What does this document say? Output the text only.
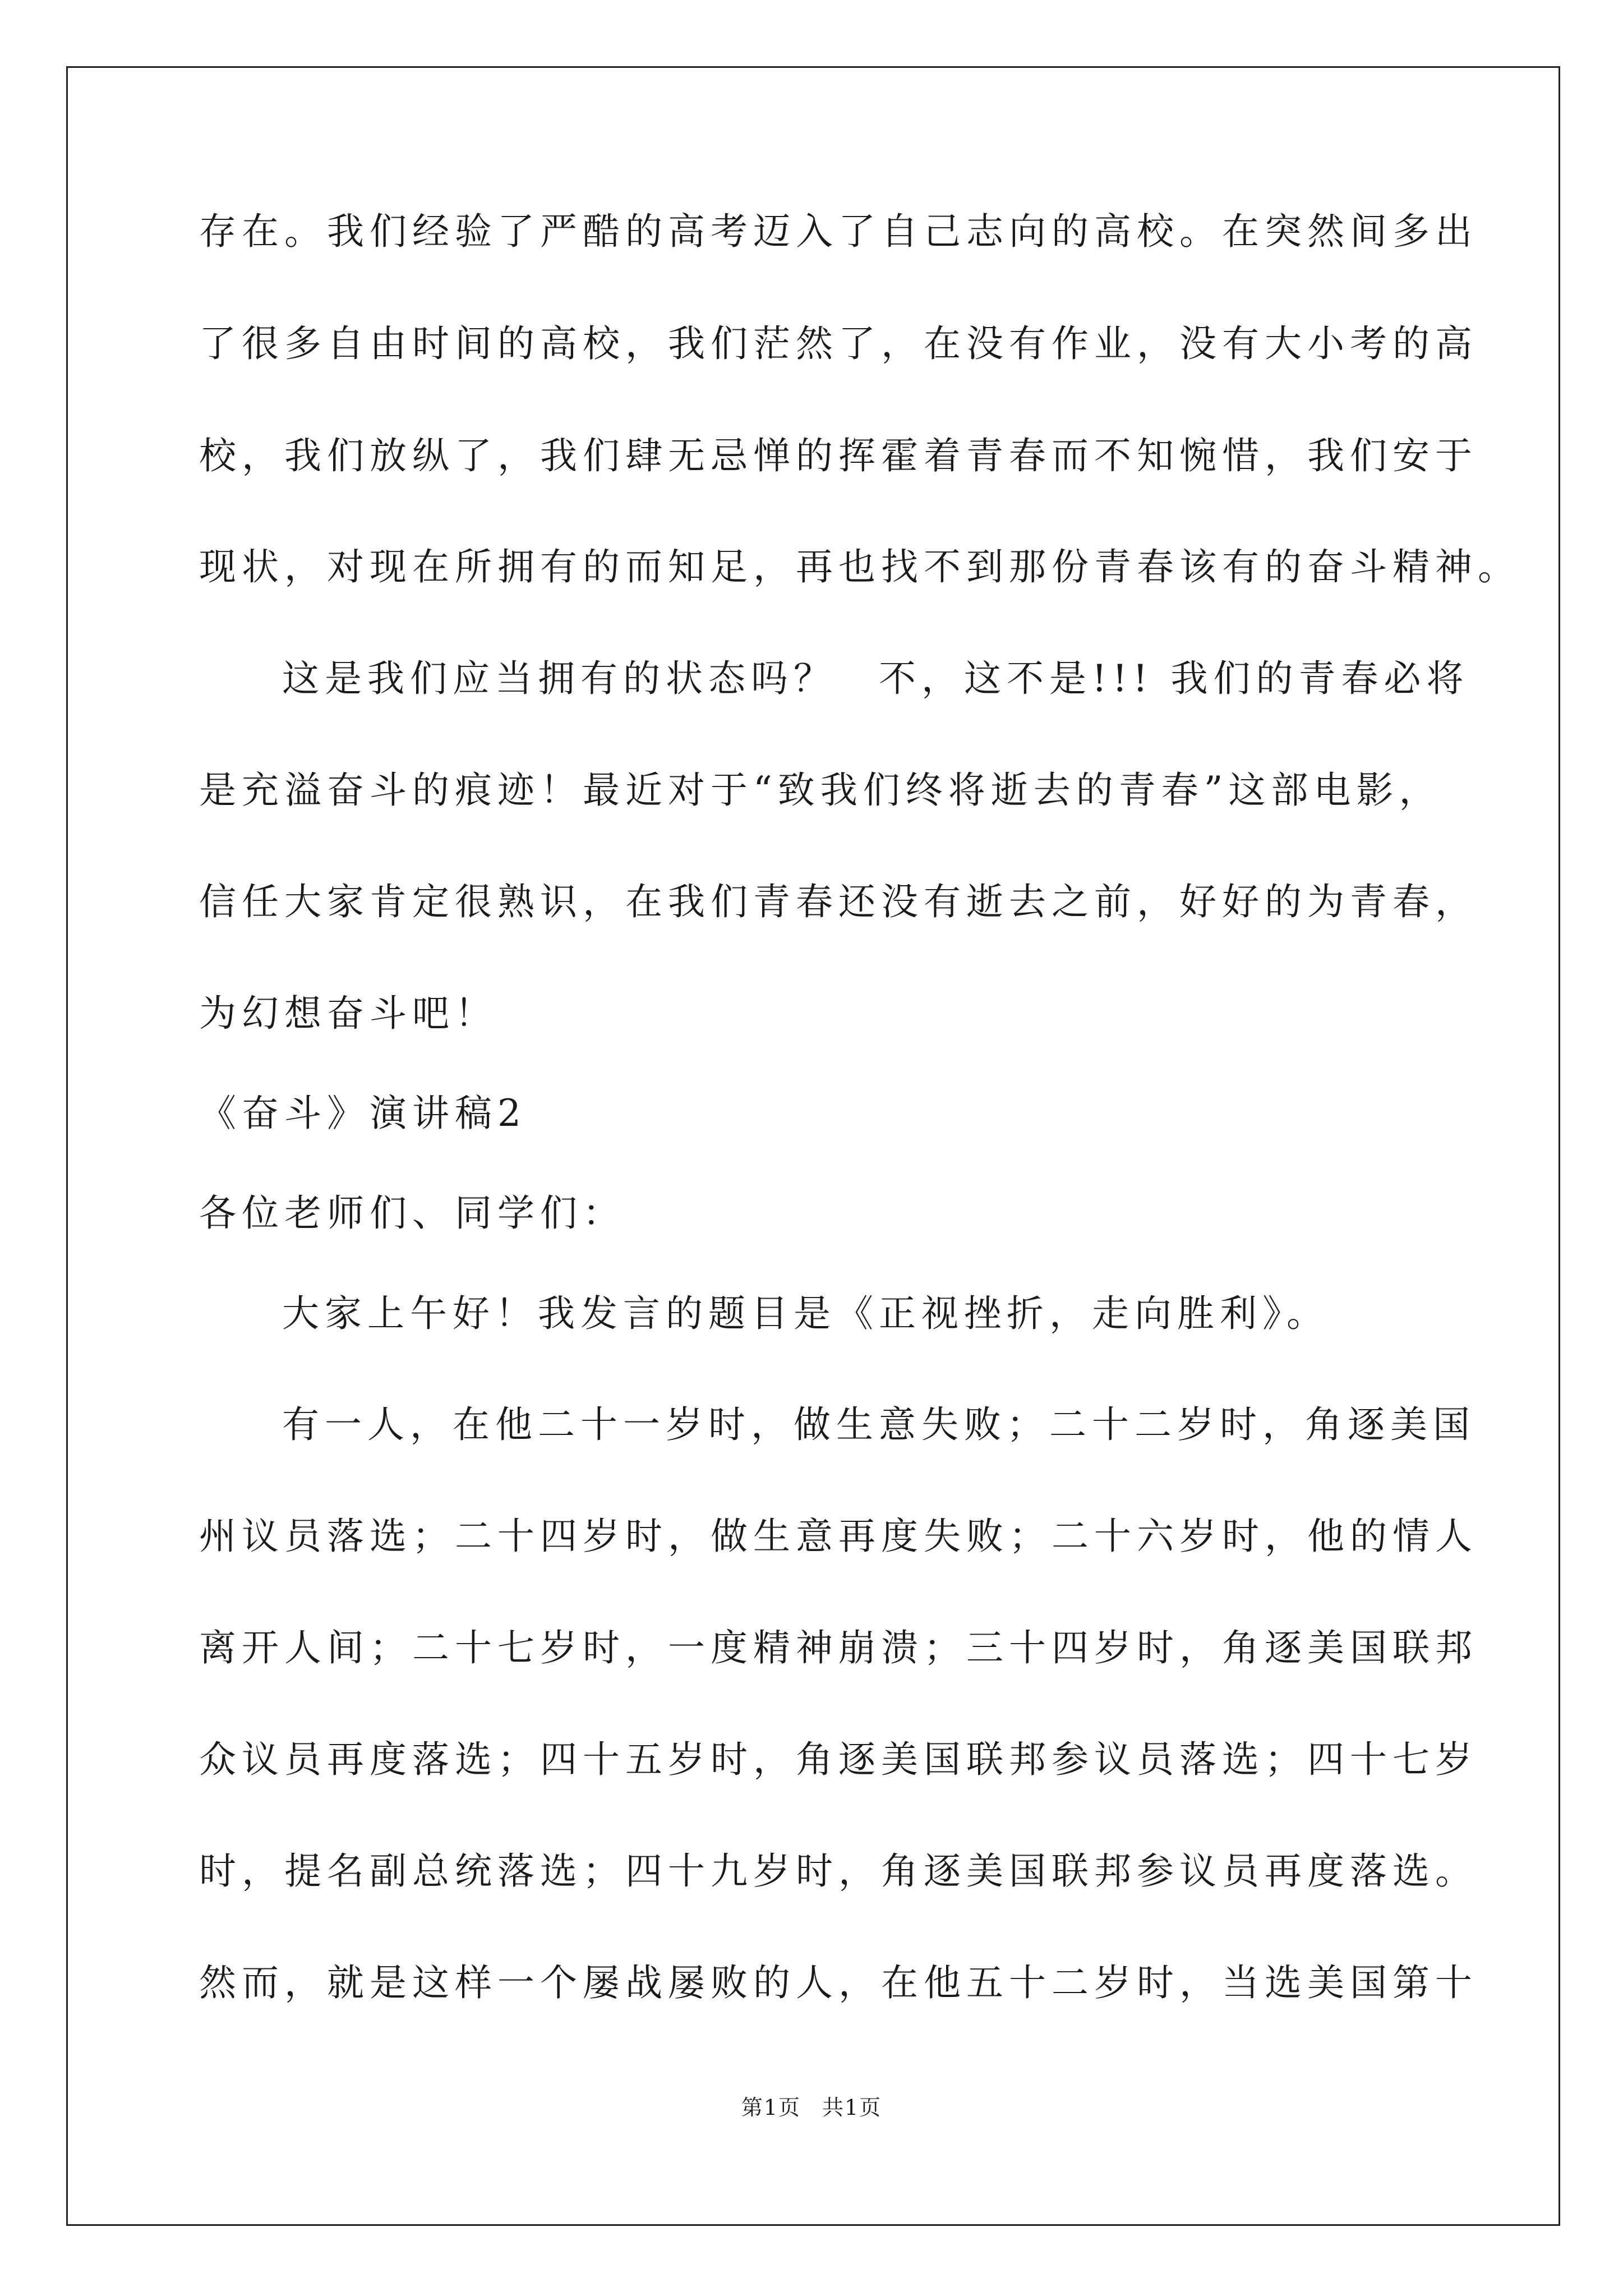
存在。我们经验了严酷的高考迈入了自己志向的高校。在突然间多出
了很多自由时间的高校，我们茫然了，在没有作业，没有大小考的高
校，我们放纵了，我们肆无忌惮的挥霍着青春而不知惋惜，我们安于
现状，对现在所拥有的而知足，再也找不到那份青春该有的奋斗精神。
这是我们应当拥有的状态吗？　不，这不是!!! 我们的青春必将
是充溢奋斗的痕迹！最近对于“致我们终将逝去的青春”这部电影，
信任大家肯定很熟识，在我们青春还没有逝去之前，好好的为青春，
为幻想奋斗吧！
《奋斗》演讲稿2
各位老师们、同学们：
大家上午好！我发言的题目是《正视挫折，走向胜利》。
有一人，在他二十一岁时，做生意失败；二十二岁时，角逐美国
州议员落选；二十四岁时，做生意再度失败；二十六岁时，他的情人
离开人间；二十七岁时，一度精神崩溃；三十四岁时，角逐美国联邦
众议员再度落选；四十五岁时，角逐美国联邦参议员落选；四十七岁
时，提名副总统落选；四十九岁时，角逐美国联邦参议员再度落选。
然而，就是这样一个屡战屡败的人，在他五十二岁时，当选美国第十
第1页 共1页
